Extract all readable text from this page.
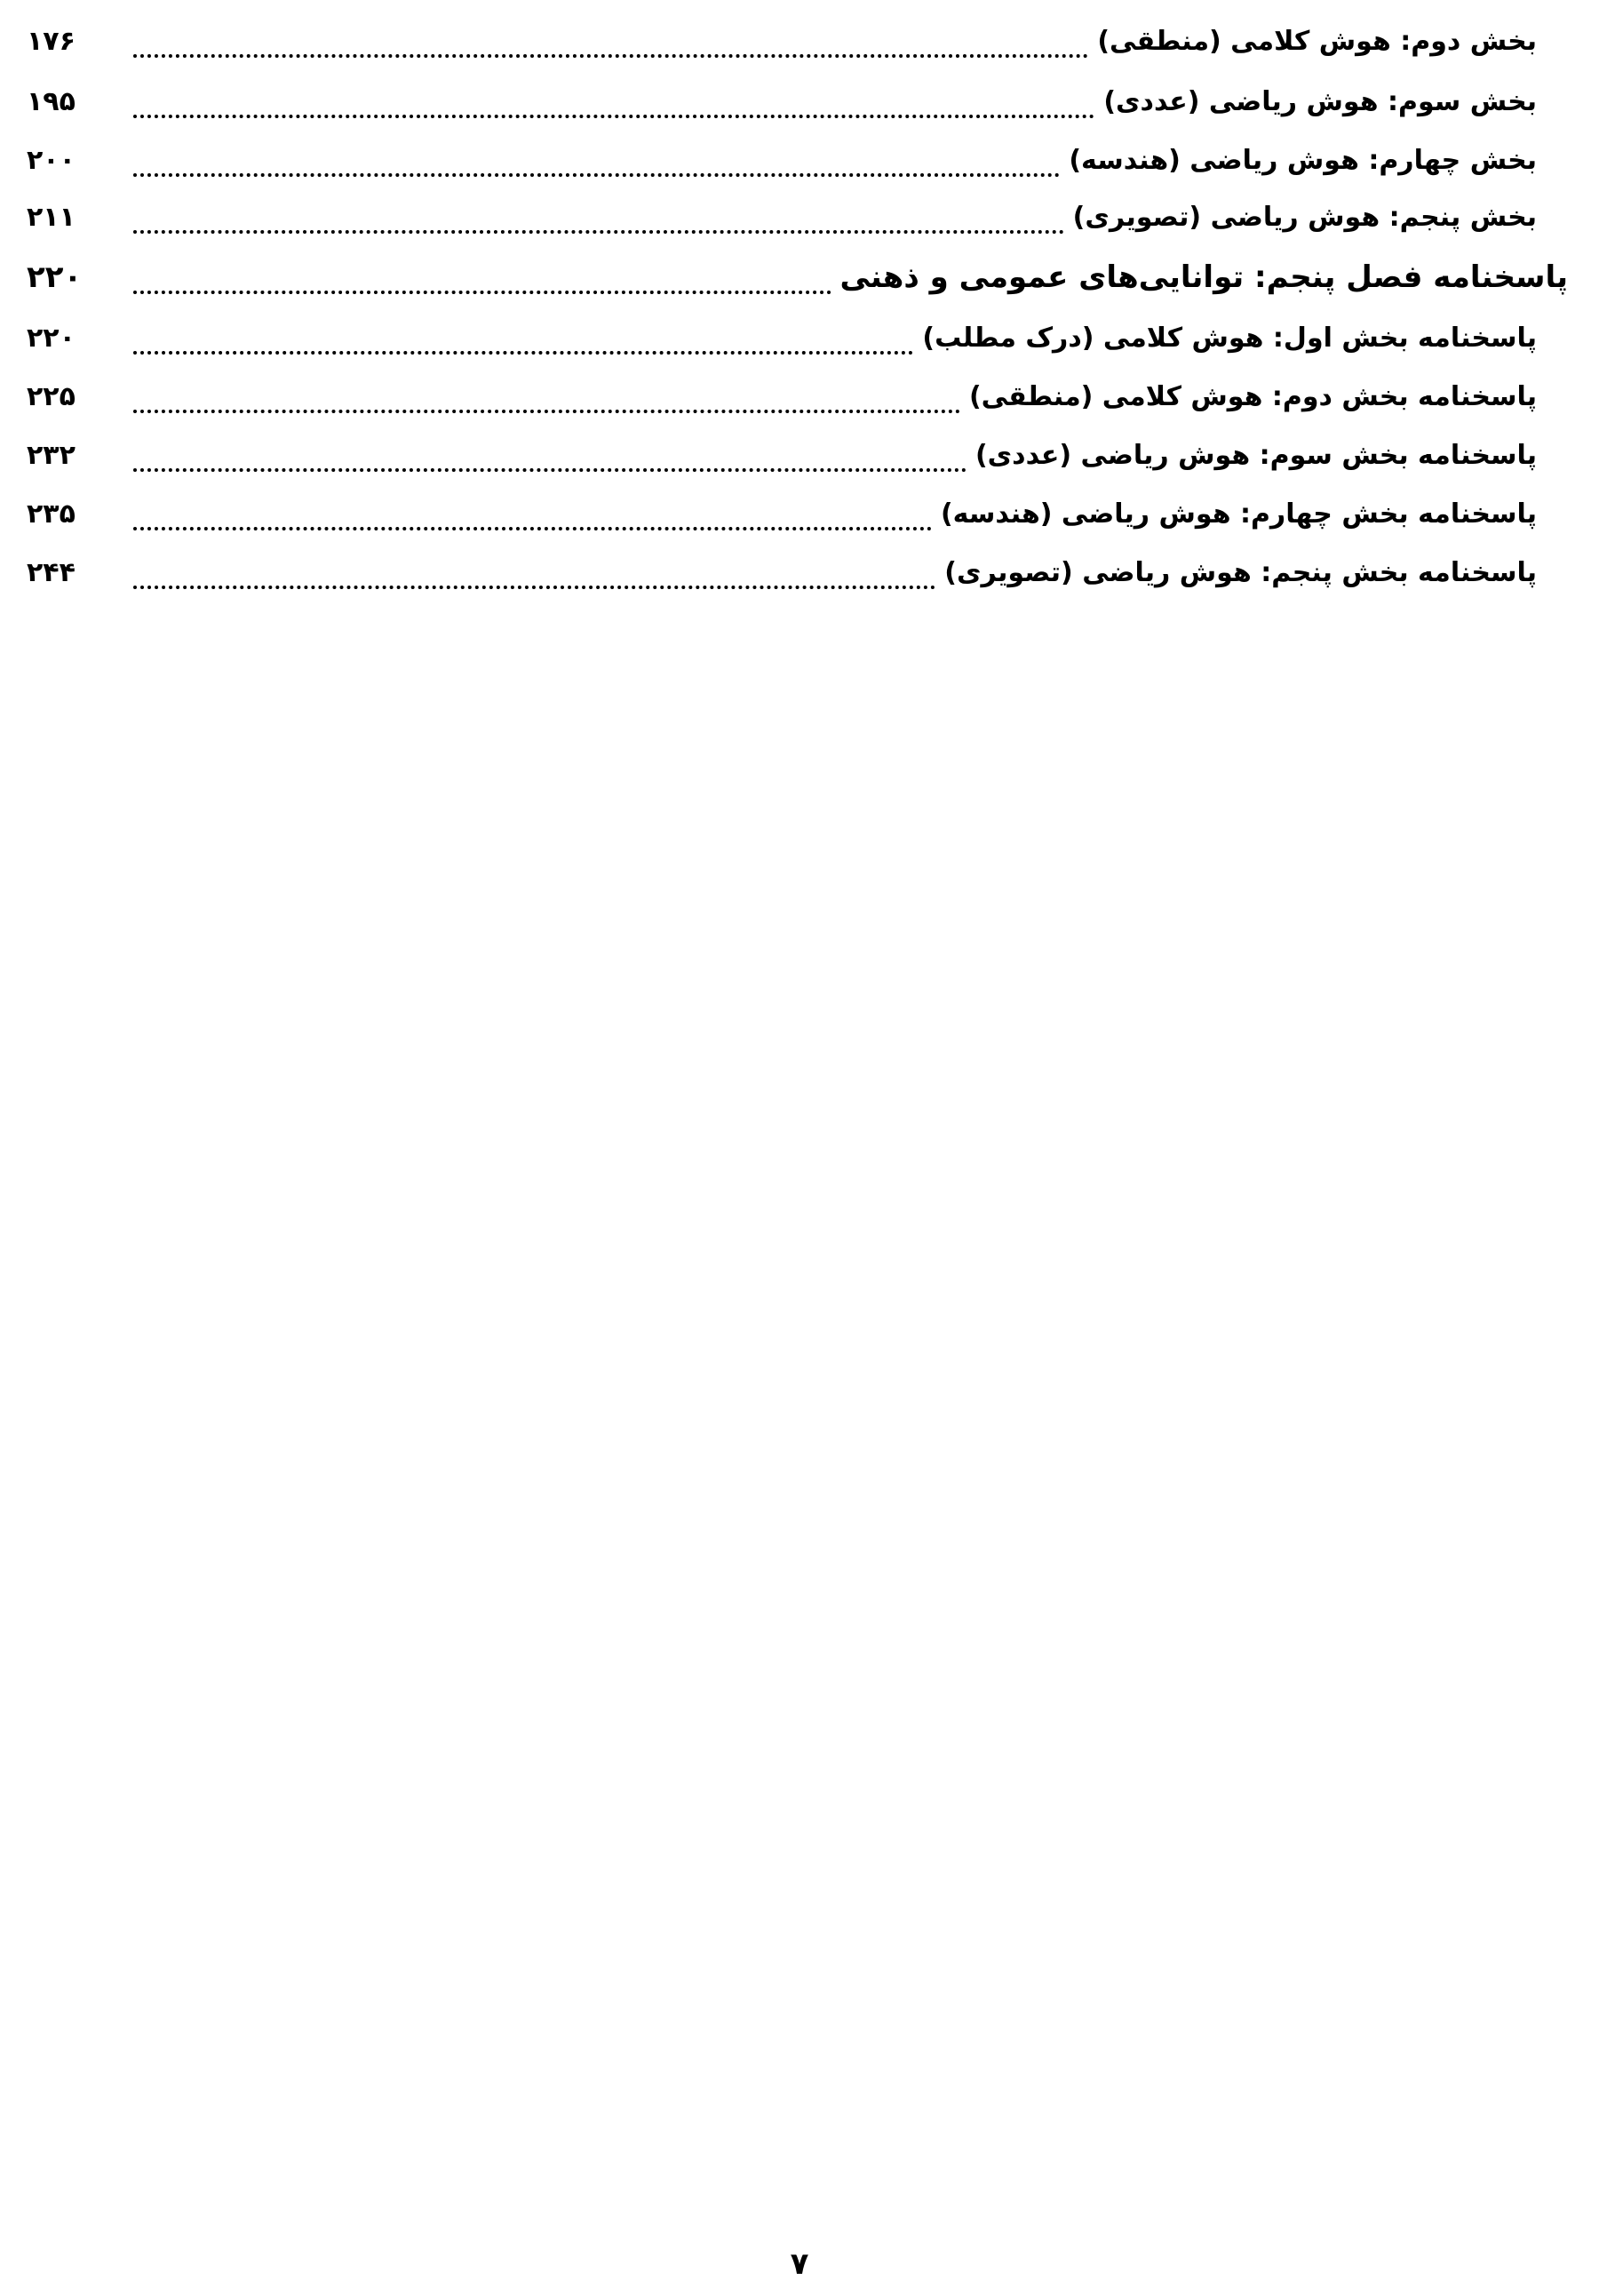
بخش دوم: هوش کلامی (منطقی)
۱۷۶
بخش سوم: هوش ریاضی (عددی)
۱۹۵
بخش چهارم: هوش ریاضی (هندسه)
۲۰۰
بخش پنجم: هوش ریاضی (تصویری)
۲۱۱
پاسخنامه فصل پنجم: توانایی‌های عمومی و ذهنی
۲۲۰
پاسخنامه بخش اول: هوش کلامی (درک مطلب)
۲۲۰
پاسخنامه بخش دوم: هوش کلامی (منطقی)
۲۲۵
پاسخنامه بخش سوم: هوش ریاضی (عددی)
۲۳۲
پاسخنامه بخش چهارم: هوش ریاضی (هندسه)
۲۳۵
پاسخنامه بخش پنجم: هوش ریاضی (تصویری)
۲۴۴
۷
